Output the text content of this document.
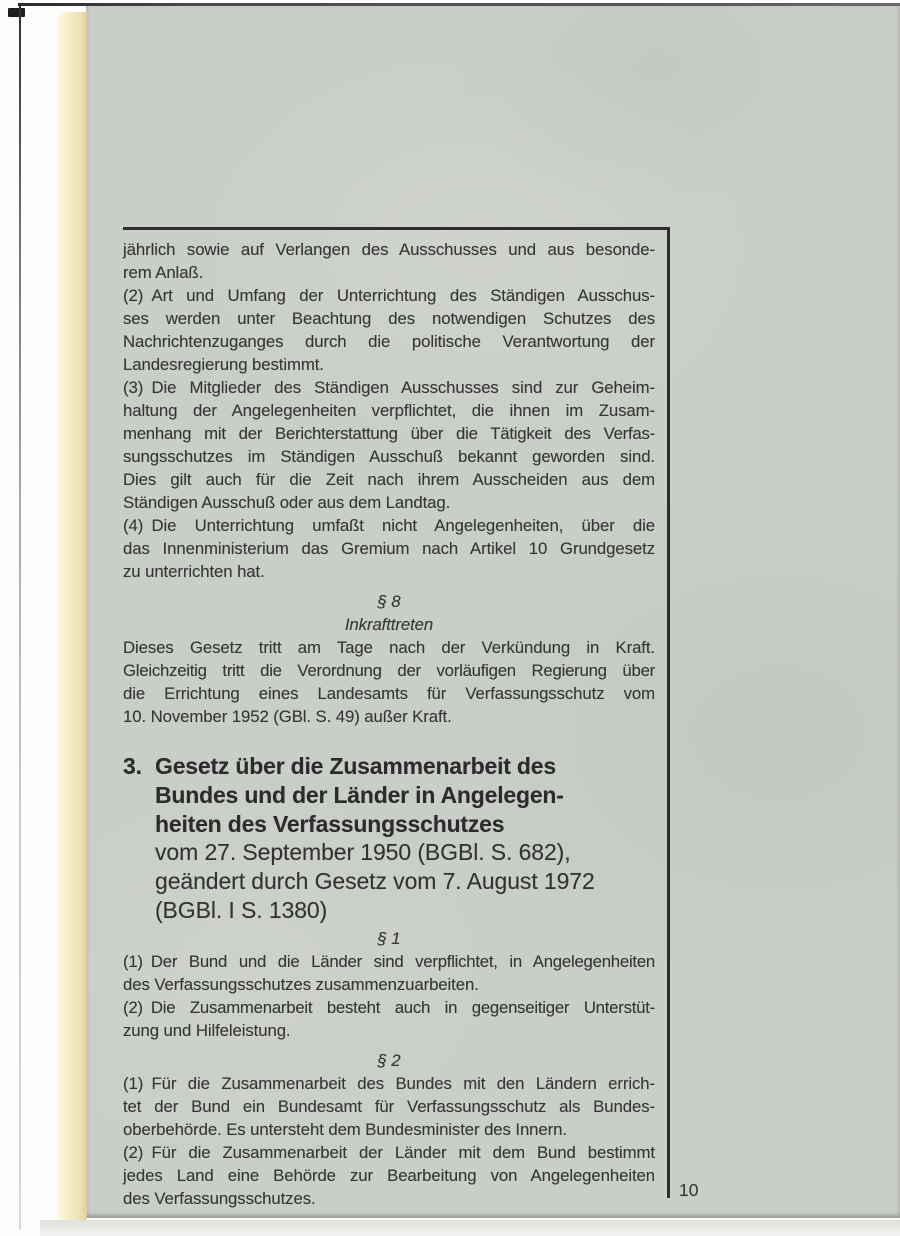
jährlich sowie auf Verlangen des Ausschusses und aus besonde-
rem Anlaß.
(2) Art und Umfang der Unterrichtung des Ständigen Ausschus-
ses werden unter Beachtung des notwendigen Schutzes des
Nachrichtenzuganges durch die politische Verantwortung der
Landesregierung bestimmt.
(3) Die Mitglieder des Ständigen Ausschusses sind zur Geheim-
haltung der Angelegenheiten verpflichtet, die ihnen im Zusam-
menhang mit der Berichterstattung über die Tätigkeit des Verfas-
sungsschutzes im Ständigen Ausschuß bekannt geworden sind.
Dies gilt auch für die Zeit nach ihrem Ausscheiden aus dem
Ständigen Ausschuß oder aus dem Landtag.
(4) Die Unterrichtung umfaßt nicht Angelegenheiten, über die
das Innenministerium das Gremium nach Artikel 10 Grundgesetz
zu unterrichten hat.
§ 8
Inkrafttreten
Dieses Gesetz tritt am Tage nach der Verkündung in Kraft.
Gleichzeitig tritt die Verordnung der vorläufigen Regierung über
die Errichtung eines Landesamts für Verfassungsschutz vom
10. November 1952 (GBl. S. 49) außer Kraft.
3. Gesetz über die Zusammenarbeit des
Bundes und der Länder in Angelegen-
heiten des Verfassungsschutzes
vom 27. September 1950 (BGBl. S. 682),
geändert durch Gesetz vom 7. August 1972
(BGBl. I S. 1380)
§ 1
(1) Der Bund und die Länder sind verpflichtet, in Angelegenheiten
des Verfassungsschutzes zusammenzuarbeiten.
(2) Die Zusammenarbeit besteht auch in gegenseitiger Unterstüt-
zung und Hilfeleistung.
§ 2
(1) Für die Zusammenarbeit des Bundes mit den Ländern errich-
tet der Bund ein Bundesamt für Verfassungsschutz als Bundes-
oberbehörde. Es untersteht dem Bundesminister des Innern.
(2) Für die Zusammenarbeit der Länder mit dem Bund bestimmt
jedes Land eine Behörde zur Bearbeitung von Angelegenheiten
des Verfassungsschutzes.	10
